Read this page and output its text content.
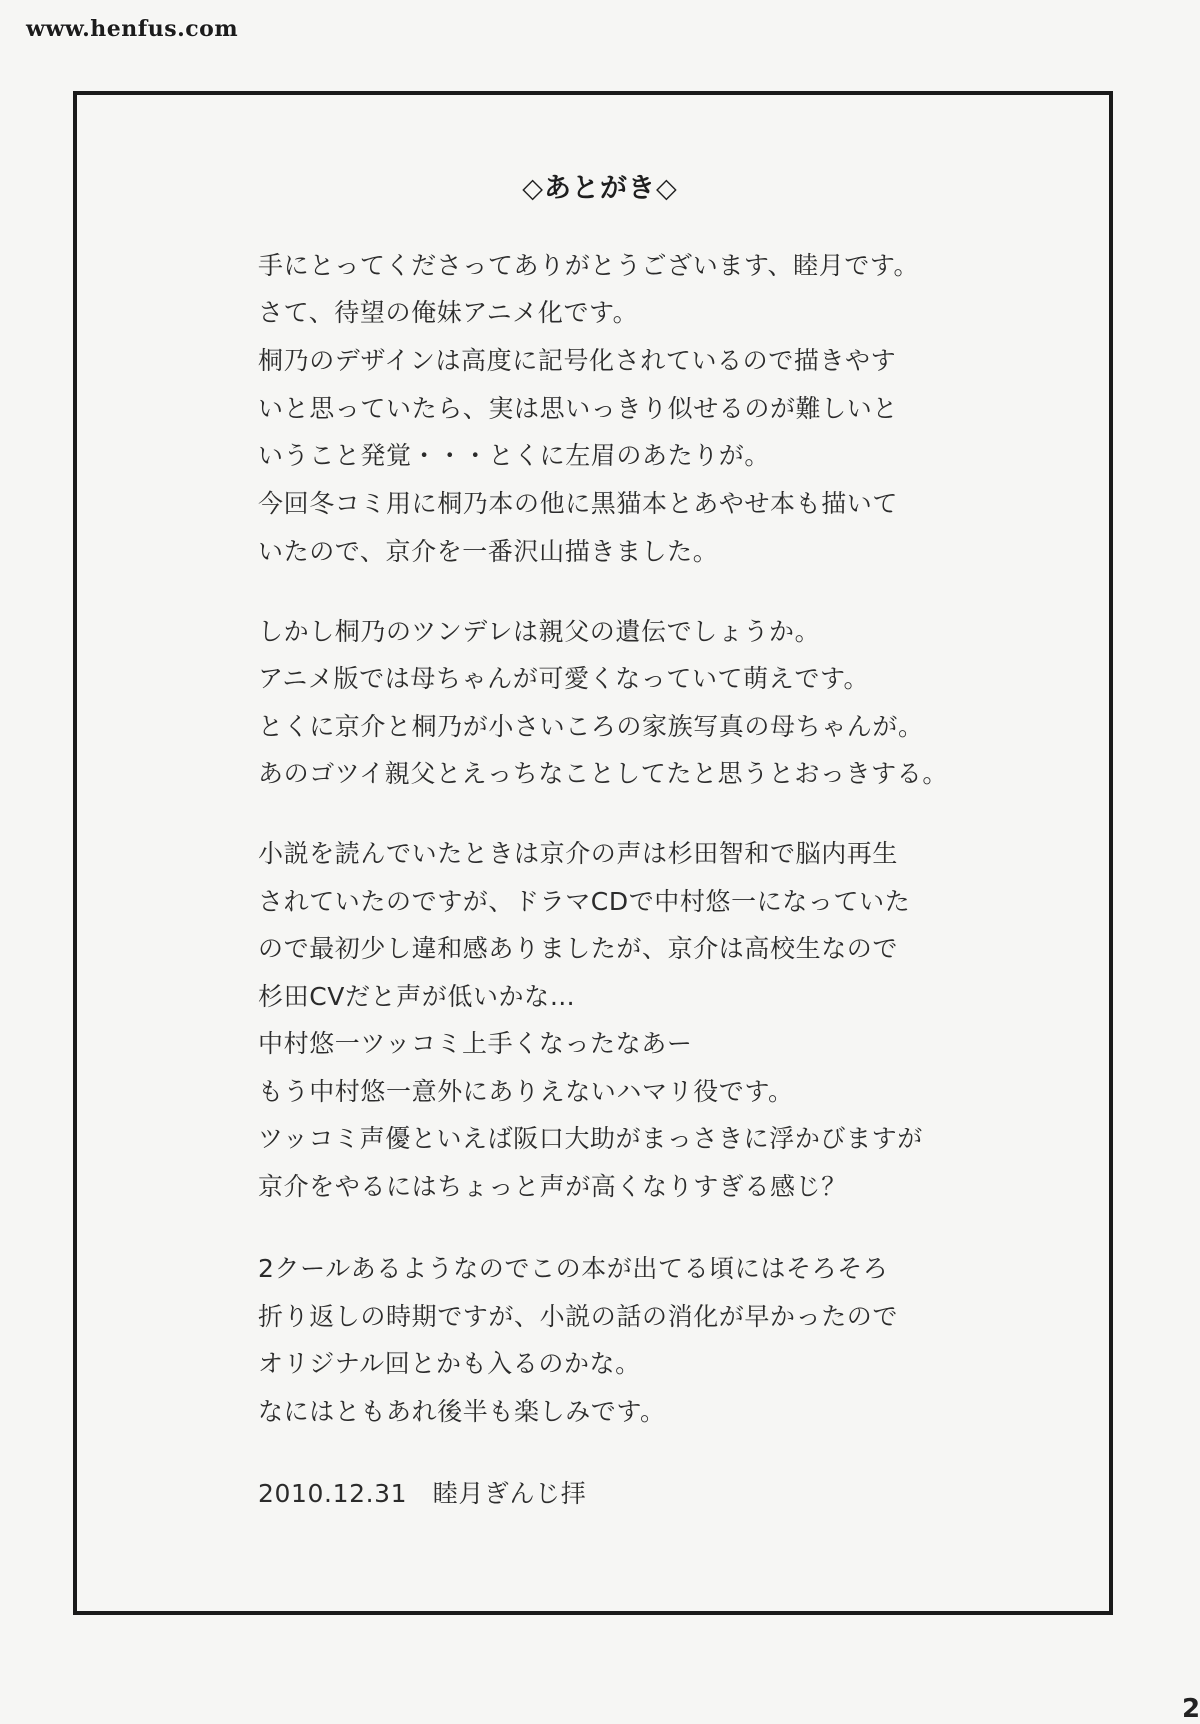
www.henfus.com
◇あとがき◇
手にとってくださってありがとうございます、睦月です。
さて、待望の俺妹アニメ化です。
桐乃のデザインは高度に記号化されているので描きやす
いと思っていたら、実は思いっきり似せるのが難しいと
いうこと発覚・・・とくに左眉のあたりが。
今回冬コミ用に桐乃本の他に黒猫本とあやせ本も描いて
いたので、京介を一番沢山描きました。
しかし桐乃のツンデレは親父の遺伝でしょうか。
アニメ版では母ちゃんが可愛くなっていて萌えです。
とくに京介と桐乃が小さいころの家族写真の母ちゃんが。
あのゴツイ親父とえっちなことしてたと思うとおっきする。
小説を読んでいたときは京介の声は杉田智和で脳内再生
されていたのですが、ドラマCDで中村悠一になっていた
ので最初少し違和感ありましたが、京介は高校生なので
杉田CVだと声が低いかな…
中村悠一ツッコミ上手くなったなあー
もう中村悠一意外にありえないハマリ役です。
ツッコミ声優といえば阪口大助がまっさきに浮かびますが
京介をやるにはちょっと声が高くなりすぎる感じ？
2クールあるようなのでこの本が出てる頃にはそろそろ
折り返しの時期ですが、小説の話の消化が早かったので
オリジナル回とかも入るのかな。
なにはともあれ後半も楽しみです。
2010.12.31　睦月ぎんじ拝
2
